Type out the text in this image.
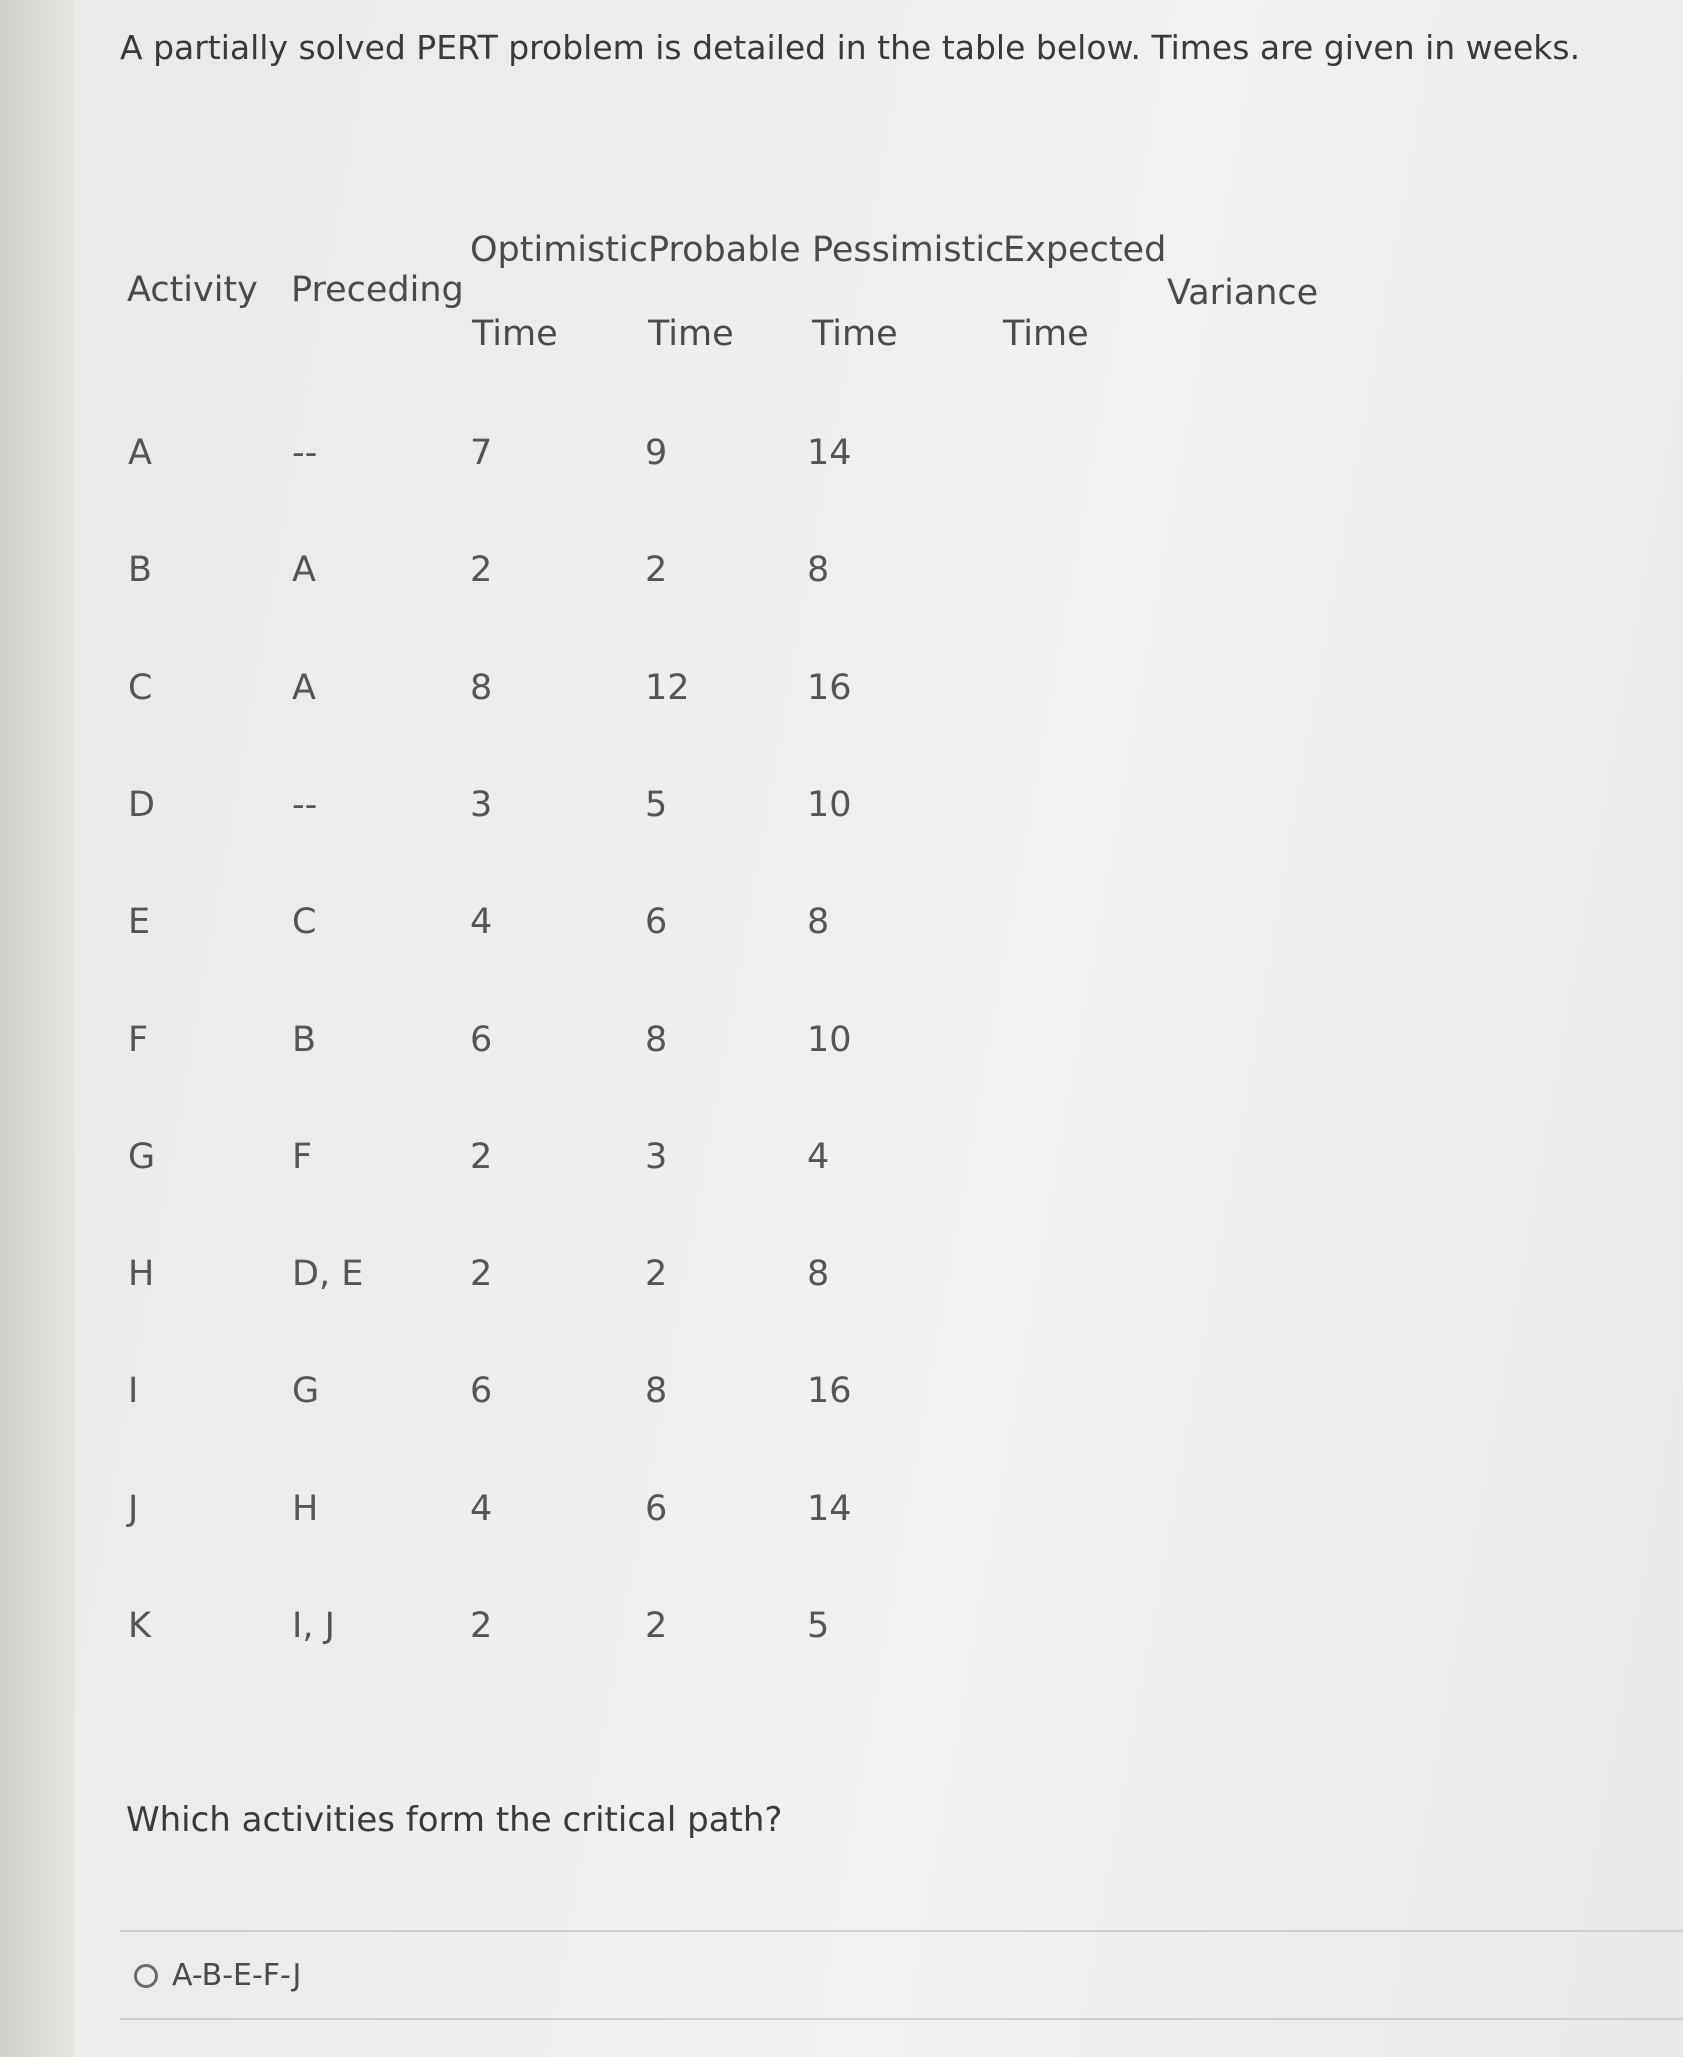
A partially solved PERT problem is detailed in the table below. Times are given in weeks.
Activity Preceding
Optimistic Probable Pessimistic
Expected
Time	Time Time	Time
Variance
A	--	7	9	14
B	A	2	2	8
C	A	8	12	16
D	--	3	5	10
E	C	4	6	8
F	B	6	8	10
G	F	2	3	4
H	D, E	2	2	8
I	G	6	8	16
J	H	4	6	14
K	I, J	2	2	5
Which activities form the critical path?
A-B-E-F-J
